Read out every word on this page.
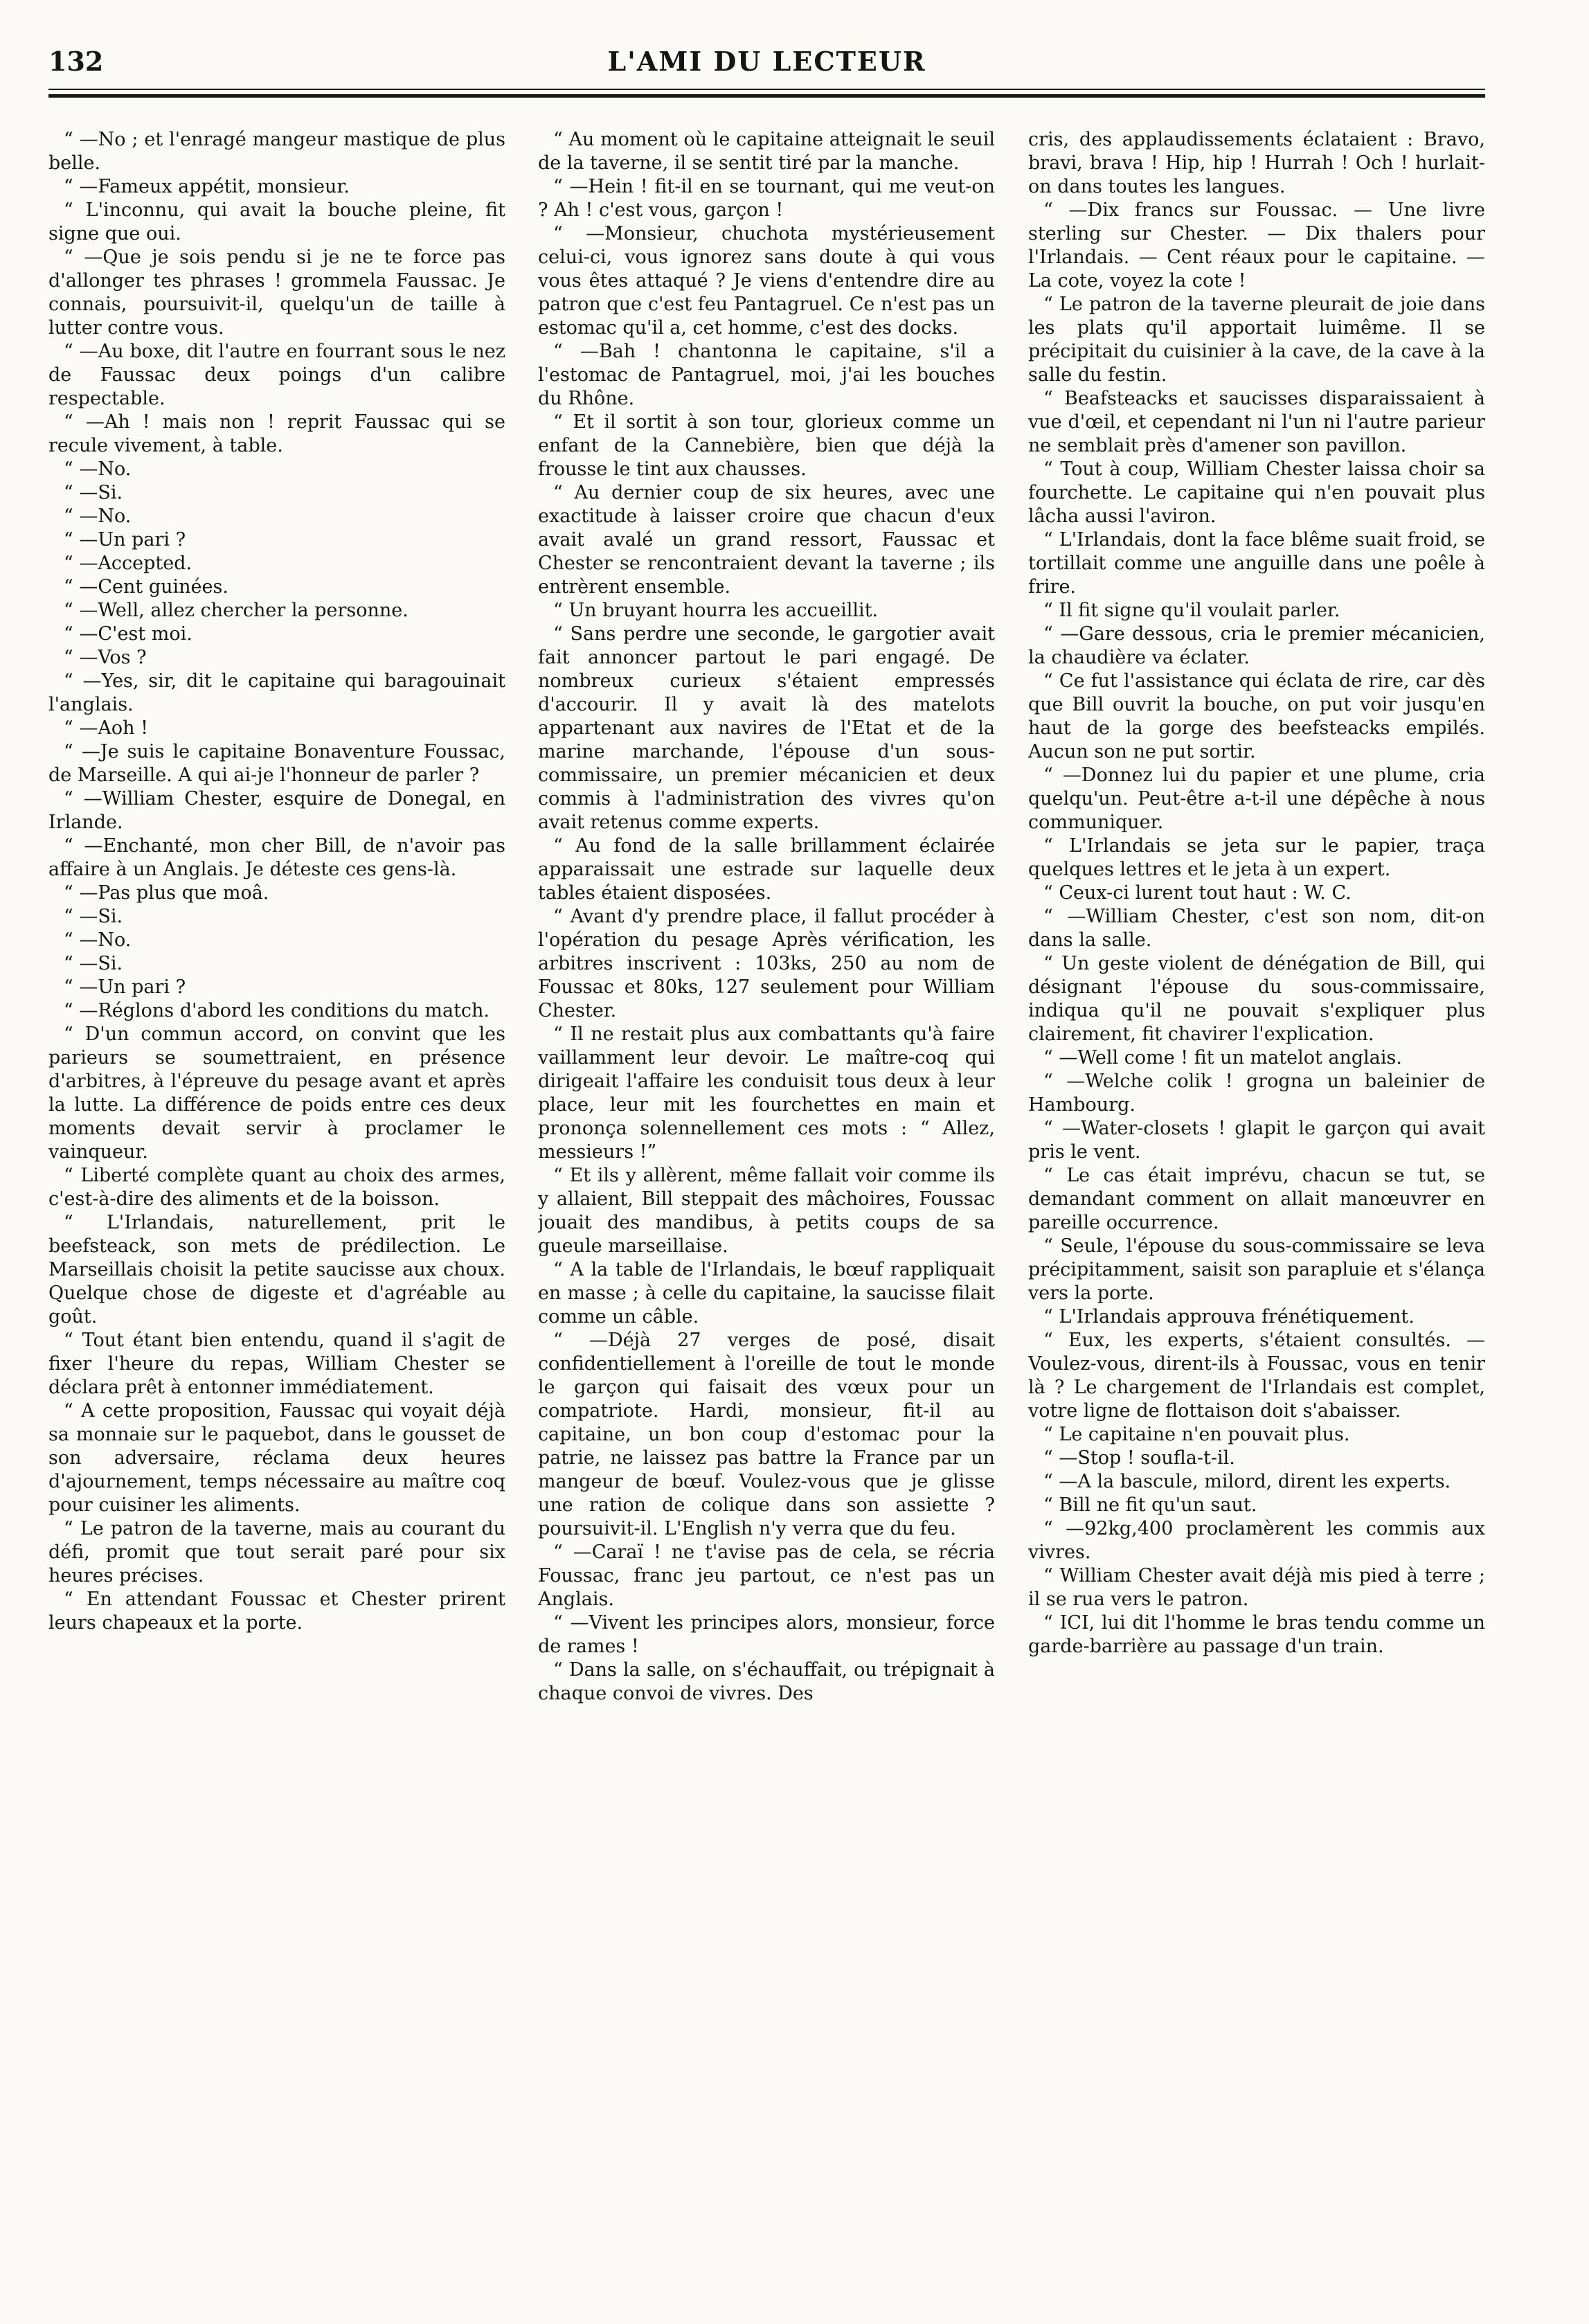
132	L'AMI DU LECTEUR

“ —No ; et l'enragé mangeur mastique de plus belle.

“ —Fameux appétit, monsieur.

“ L'inconnu, qui avait la bouche pleine, fit signe que oui.

“ —Que je sois pendu si je ne te force pas d'allonger tes phrases ! grommela Faussac. Je connais, poursuivit-il, quelqu'un de taille à lutter contre vous.

“ —Au boxe, dit l'autre en fourrant sous le nez de Faussac deux poings d'un calibre respectable.

“ —Ah ! mais non ! reprit Faussac qui se recule vivement, à table.

“ —No.

“ —Si.

“ —No.

“ —Un pari ?

“ —Accepted.

“ —Cent guinées.

“ —Well, allez chercher la personne.

“ —C'est moi.

“ —Vos ?

“ —Yes, sir, dit le capitaine qui baragouinait l'anglais.

“ —Aoh !

“ —Je suis le capitaine Bonaventure Foussac, de Marseille. A qui ai-je l'honneur de parler ?

“ —William Chester, esquire de Donegal, en Irlande.

“ —Enchanté, mon cher Bill, de n'avoir pas affaire à un Anglais. Je déteste ces gens-là.

“ —Pas plus que moâ.

“ —Si.

“ —No.

“ —Si.

“ —Un pari ?

“ —Réglons d'abord les conditions du match.

“ D'un commun accord, on convint que les parieurs se soumettraient, en présence d'arbitres, à l'épreuve du pesage avant et après la lutte. La différence de poids entre ces deux moments devait servir à proclamer le vainqueur.

“ Liberté complète quant au choix des armes, c'est-à-dire des aliments et de la boisson.

“ L'Irlandais, naturellement, prit le beefsteack, son mets de prédilection. Le Marseillais choisit la petite saucisse aux choux. Quelque chose de digeste et d'agréable au goût.

“ Tout étant bien entendu, quand il s'agit de fixer l'heure du repas, William Chester se déclara prêt à entonner immédiatement.

“ A cette proposition, Faussac qui voyait déjà sa monnaie sur le paquebot, dans le gousset de son adversaire, réclama deux heures d'ajournement, temps nécessaire au maître coq pour cuisiner les aliments.

“ Le patron de la taverne, mais au courant du défi, promit que tout serait paré pour six heures précises.

“ En attendant Foussac et Chester prirent leurs chapeaux et la porte.

“ Au moment où le capitaine atteignait le seuil de la taverne, il se sentit tiré par la manche.

“ —Hein ! fit-il en se tournant, qui me veut-on ? Ah ! c'est vous, garçon !

“ —Monsieur, chuchota mystérieusement celui-ci, vous ignorez sans doute à qui vous vous êtes attaqué ? Je viens d'entendre dire au patron que c'est feu Pantagruel. Ce n'est pas un estomac qu'il a, cet homme, c'est des docks.

“ —Bah ! chantonna le capitaine, s'il a l'estomac de Pantagruel, moi, j'ai les bouches du Rhône.

“ Et il sortit à son tour, glorieux comme un enfant de la Cannebière, bien que déjà la frousse le tint aux chausses.

“ Au dernier coup de six heures, avec une exactitude à laisser croire que chacun d'eux avait avalé un grand ressort, Faussac et Chester se rencontraient devant la taverne ; ils entrèrent ensemble.

“ Un bruyant hourra les accueillit.

“ Sans perdre une seconde, le gargotier avait fait annoncer partout le pari engagé. De nombreux curieux s'étaient empressés d'accourir. Il y avait là des matelots appartenant aux navires de l'Etat et de la marine marchande, l'épouse d'un sous-commissaire, un premier mécanicien et deux commis à l'administration des vivres qu'on avait retenus comme experts.

“ Au fond de la salle brillamment éclairée apparaissait une estrade sur laquelle deux tables étaient disposées.

“ Avant d'y prendre place, il fallut procéder à l'opération du pesage Après vérification, les arbitres inscrivent : 103ks, 250 au nom de Foussac et 80ks, 127 seulement pour William Chester.

“ Il ne restait plus aux combattants qu'à faire vaillamment leur devoir. Le maître-coq qui dirigeait l'affaire les conduisit tous deux à leur place, leur mit les fourchettes en main et prononça solennellement ces mots : “ Allez, messieurs !”

“ Et ils y allèrent, même fallait voir comme ils y allaient, Bill steppait des mâchoires, Foussac jouait des mandibus, à petits coups de sa gueule marseillaise.

“ A la table de l'Irlandais, le bœuf rappliquait en masse ; à celle du capitaine, la saucisse filait comme un câble.

“ —Déjà 27 verges de posé, disait confidentiellement à l'oreille de tout le monde le garçon qui faisait des vœux pour un compatriote. Hardi, monsieur, fit-il au capitaine, un bon coup d'estomac pour la patrie, ne laissez pas battre la France par un mangeur de bœuf. Voulez-vous que je glisse une ration de colique dans son assiette ? poursuivit-il. L'English n'y verra que du feu.

“ —Caraï ! ne t'avise pas de cela, se récria Foussac, franc jeu partout, ce n'est pas un Anglais.

“ —Vivent les principes alors, monsieur, force de rames !

“ Dans la salle, on s'échauffait, ou trépignait à chaque convoi de vivres. Des

cris, des applaudissements éclataient : Bravo, bravi, brava ! Hip, hip ! Hurrah ! Och ! hurlait-on dans toutes les langues.

“ —Dix francs sur Foussac. — Une livre sterling sur Chester. — Dix thalers pour l'Irlandais. — Cent réaux pour le capitaine. — La cote, voyez la cote !

“ Le patron de la taverne pleurait de joie dans les plats qu'il apportait luimême. Il se précipitait du cuisinier à la cave, de la cave à la salle du festin.

“ Beafsteacks et saucisses disparaissaient à vue d'œil, et cependant ni l'un ni l'autre parieur ne semblait près d'amener son pavillon.

“ Tout à coup, William Chester laissa choir sa fourchette. Le capitaine qui n'en pouvait plus lâcha aussi l'aviron.

“ L'Irlandais, dont la face blême suait froid, se tortillait comme une anguille dans une poêle à frire.

“ Il fit signe qu'il voulait parler.

“ —Gare dessous, cria le premier mécanicien, la chaudière va éclater.

“ Ce fut l'assistance qui éclata de rire, car dès que Bill ouvrit la bouche, on put voir jusqu'en haut de la gorge des beefsteacks empilés. Aucun son ne put sortir.

“ —Donnez lui du papier et une plume, cria quelqu'un. Peut-être a-t-il une dépêche à nous communiquer.

“ L'Irlandais se jeta sur le papier, traça quelques lettres et le jeta à un expert.

“ Ceux-ci lurent tout haut : W. C.

“ —William Chester, c'est son nom, dit-on dans la salle.

“ Un geste violent de dénégation de Bill, qui désignant l'épouse du sous-commissaire, indiqua qu'il ne pouvait s'expliquer plus clairement, fit chavirer l'explication.

“ —Well come ! fit un matelot anglais.

“ —Welche colik ! grogna un baleinier de Hambourg.

“ —Water-closets ! glapit le garçon qui avait pris le vent.

“ Le cas était imprévu, chacun se tut, se demandant comment on allait manœuvrer en pareille occurrence.

“ Seule, l'épouse du sous-commissaire se leva précipitamment, saisit son parapluie et s'élança vers la porte.

“ L'Irlandais approuva frénétiquement.

“ Eux, les experts, s'étaient consultés. —Voulez-vous, dirent-ils à Foussac, vous en tenir là ? Le chargement de l'Irlandais est complet, votre ligne de flottaison doit s'abaisser.

“ Le capitaine n'en pouvait plus.

“ —Stop ! soufla-t-il.

“ —A la bascule, milord, dirent les experts.

“ Bill ne fit qu'un saut.

“ —92kg,400 proclamèrent les commis aux vivres.

“ William Chester avait déjà mis pied à terre ; il se rua vers le patron.

“ ICI, lui dit l'homme le bras tendu comme un garde-barrière au passage d'un train.
